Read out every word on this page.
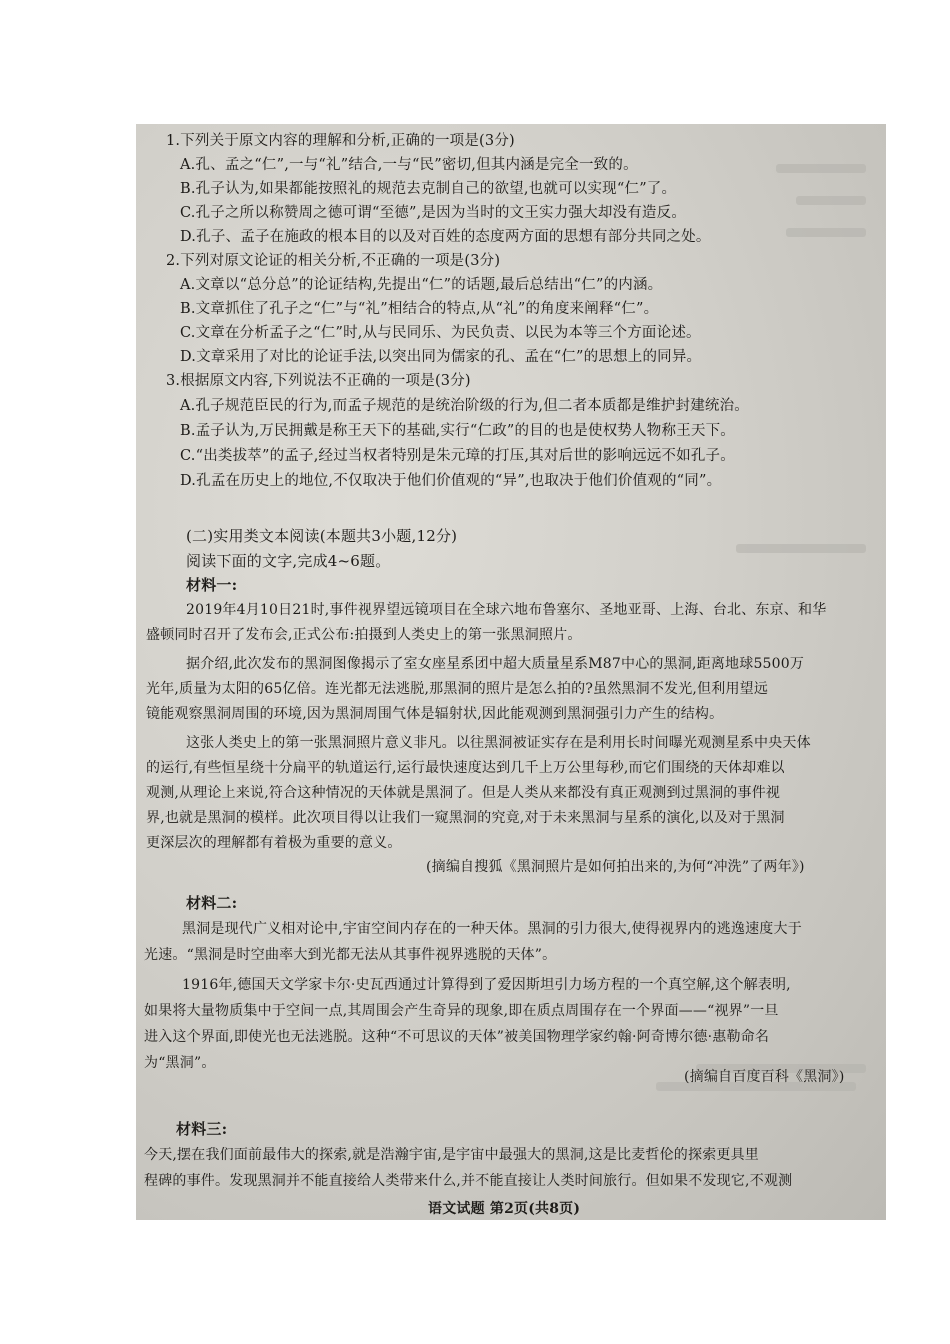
1.下列关于原文内容的理解和分析,正确的一项是(3分)
A.孔、孟之“仁”,一与“礼”结合,一与“民”密切,但其内涵是完全一致的。
B.孔子认为,如果都能按照礼的规范去克制自己的欲望,也就可以实现“仁”了。
C.孔子之所以称赞周之德可谓“至德”,是因为当时的文王实力强大却没有造反。
D.孔子、孟子在施政的根本目的以及对百姓的态度两方面的思想有部分共同之处。
2.下列对原文论证的相关分析,不正确的一项是(3分)
A.文章以“总分总”的论证结构,先提出“仁”的话题,最后总结出“仁”的内涵。
B.文章抓住了孔子之“仁”与“礼”相结合的特点,从“礼”的角度来阐释“仁”。
C.文章在分析孟子之“仁”时,从与民同乐、为民负责、以民为本等三个方面论述。
D.文章采用了对比的论证手法,以突出同为儒家的孔、孟在“仁”的思想上的同异。
3.根据原文内容,下列说法不正确的一项是(3分)
A.孔子规范臣民的行为,而孟子规范的是统治阶级的行为,但二者本质都是维护封建统治。
B.孟子认为,万民拥戴是称王天下的基础,实行“仁政”的目的也是使权势人物称王天下。
C.“出类拔萃”的孟子,经过当权者特别是朱元璋的打压,其对后世的影响远远不如孔子。
D.孔孟在历史上的地位,不仅取决于他们价值观的“异”,也取决于他们价值观的“同”。
(二)实用类文本阅读(本题共3小题,12分)
阅读下面的文字,完成4~6题。
材料一:
2019年4月10日21时,事件视界望远镜项目在全球六地布鲁塞尔、圣地亚哥、上海、台北、东京、和华
盛顿同时召开了发布会,正式公布:拍摄到人类史上的第一张黑洞照片。
据介绍,此次发布的黑洞图像揭示了室女座星系团中超大质量星系M87中心的黑洞,距离地球5500万
光年,质量为太阳的65亿倍。连光都无法逃脱,那黑洞的照片是怎么拍的?虽然黑洞不发光,但利用望远
镜能观察黑洞周围的环境,因为黑洞周围气体是辐射状,因此能观测到黑洞强引力产生的结构。
这张人类史上的第一张黑洞照片意义非凡。以往黑洞被证实存在是利用长时间曝光观测星系中央天体
的运行,有些恒星绕十分扁平的轨道运行,运行最快速度达到几千上万公里每秒,而它们围绕的天体却难以
观测,从理论上来说,符合这种情况的天体就是黑洞了。但是人类从来都没有真正观测到过黑洞的事件视
界,也就是黑洞的模样。此次项目得以让我们一窥黑洞的究竟,对于未来黑洞与星系的演化,以及对于黑洞
更深层次的理解都有着极为重要的意义。
(摘编自搜狐《黑洞照片是如何拍出来的,为何“冲洗”了两年》)
材料二:
黑洞是现代广义相对论中,宇宙空间内存在的一种天体。黑洞的引力很大,使得视界内的逃逸速度大于
光速。“黑洞是时空曲率大到光都无法从其事件视界逃脱的天体”。
1916年,德国天文学家卡尔·史瓦西通过计算得到了爱因斯坦引力场方程的一个真空解,这个解表明,
如果将大量物质集中于空间一点,其周围会产生奇异的现象,即在质点周围存在一个界面——“视界”一旦
进入这个界面,即使光也无法逃脱。这种“不可思议的天体”被美国物理学家约翰·阿奇博尔德·惠勒命名
为“黑洞”。
(摘编自百度百科《黑洞》)
材料三:
今天,摆在我们面前最伟大的探索,就是浩瀚宇宙,是宇宙中最强大的黑洞,这是比麦哲伦的探索更具里
程碑的事件。发现黑洞并不能直接给人类带来什么,并不能直接让人类时间旅行。但如果不发现它,不观测
语文试题 第2页(共8页)
